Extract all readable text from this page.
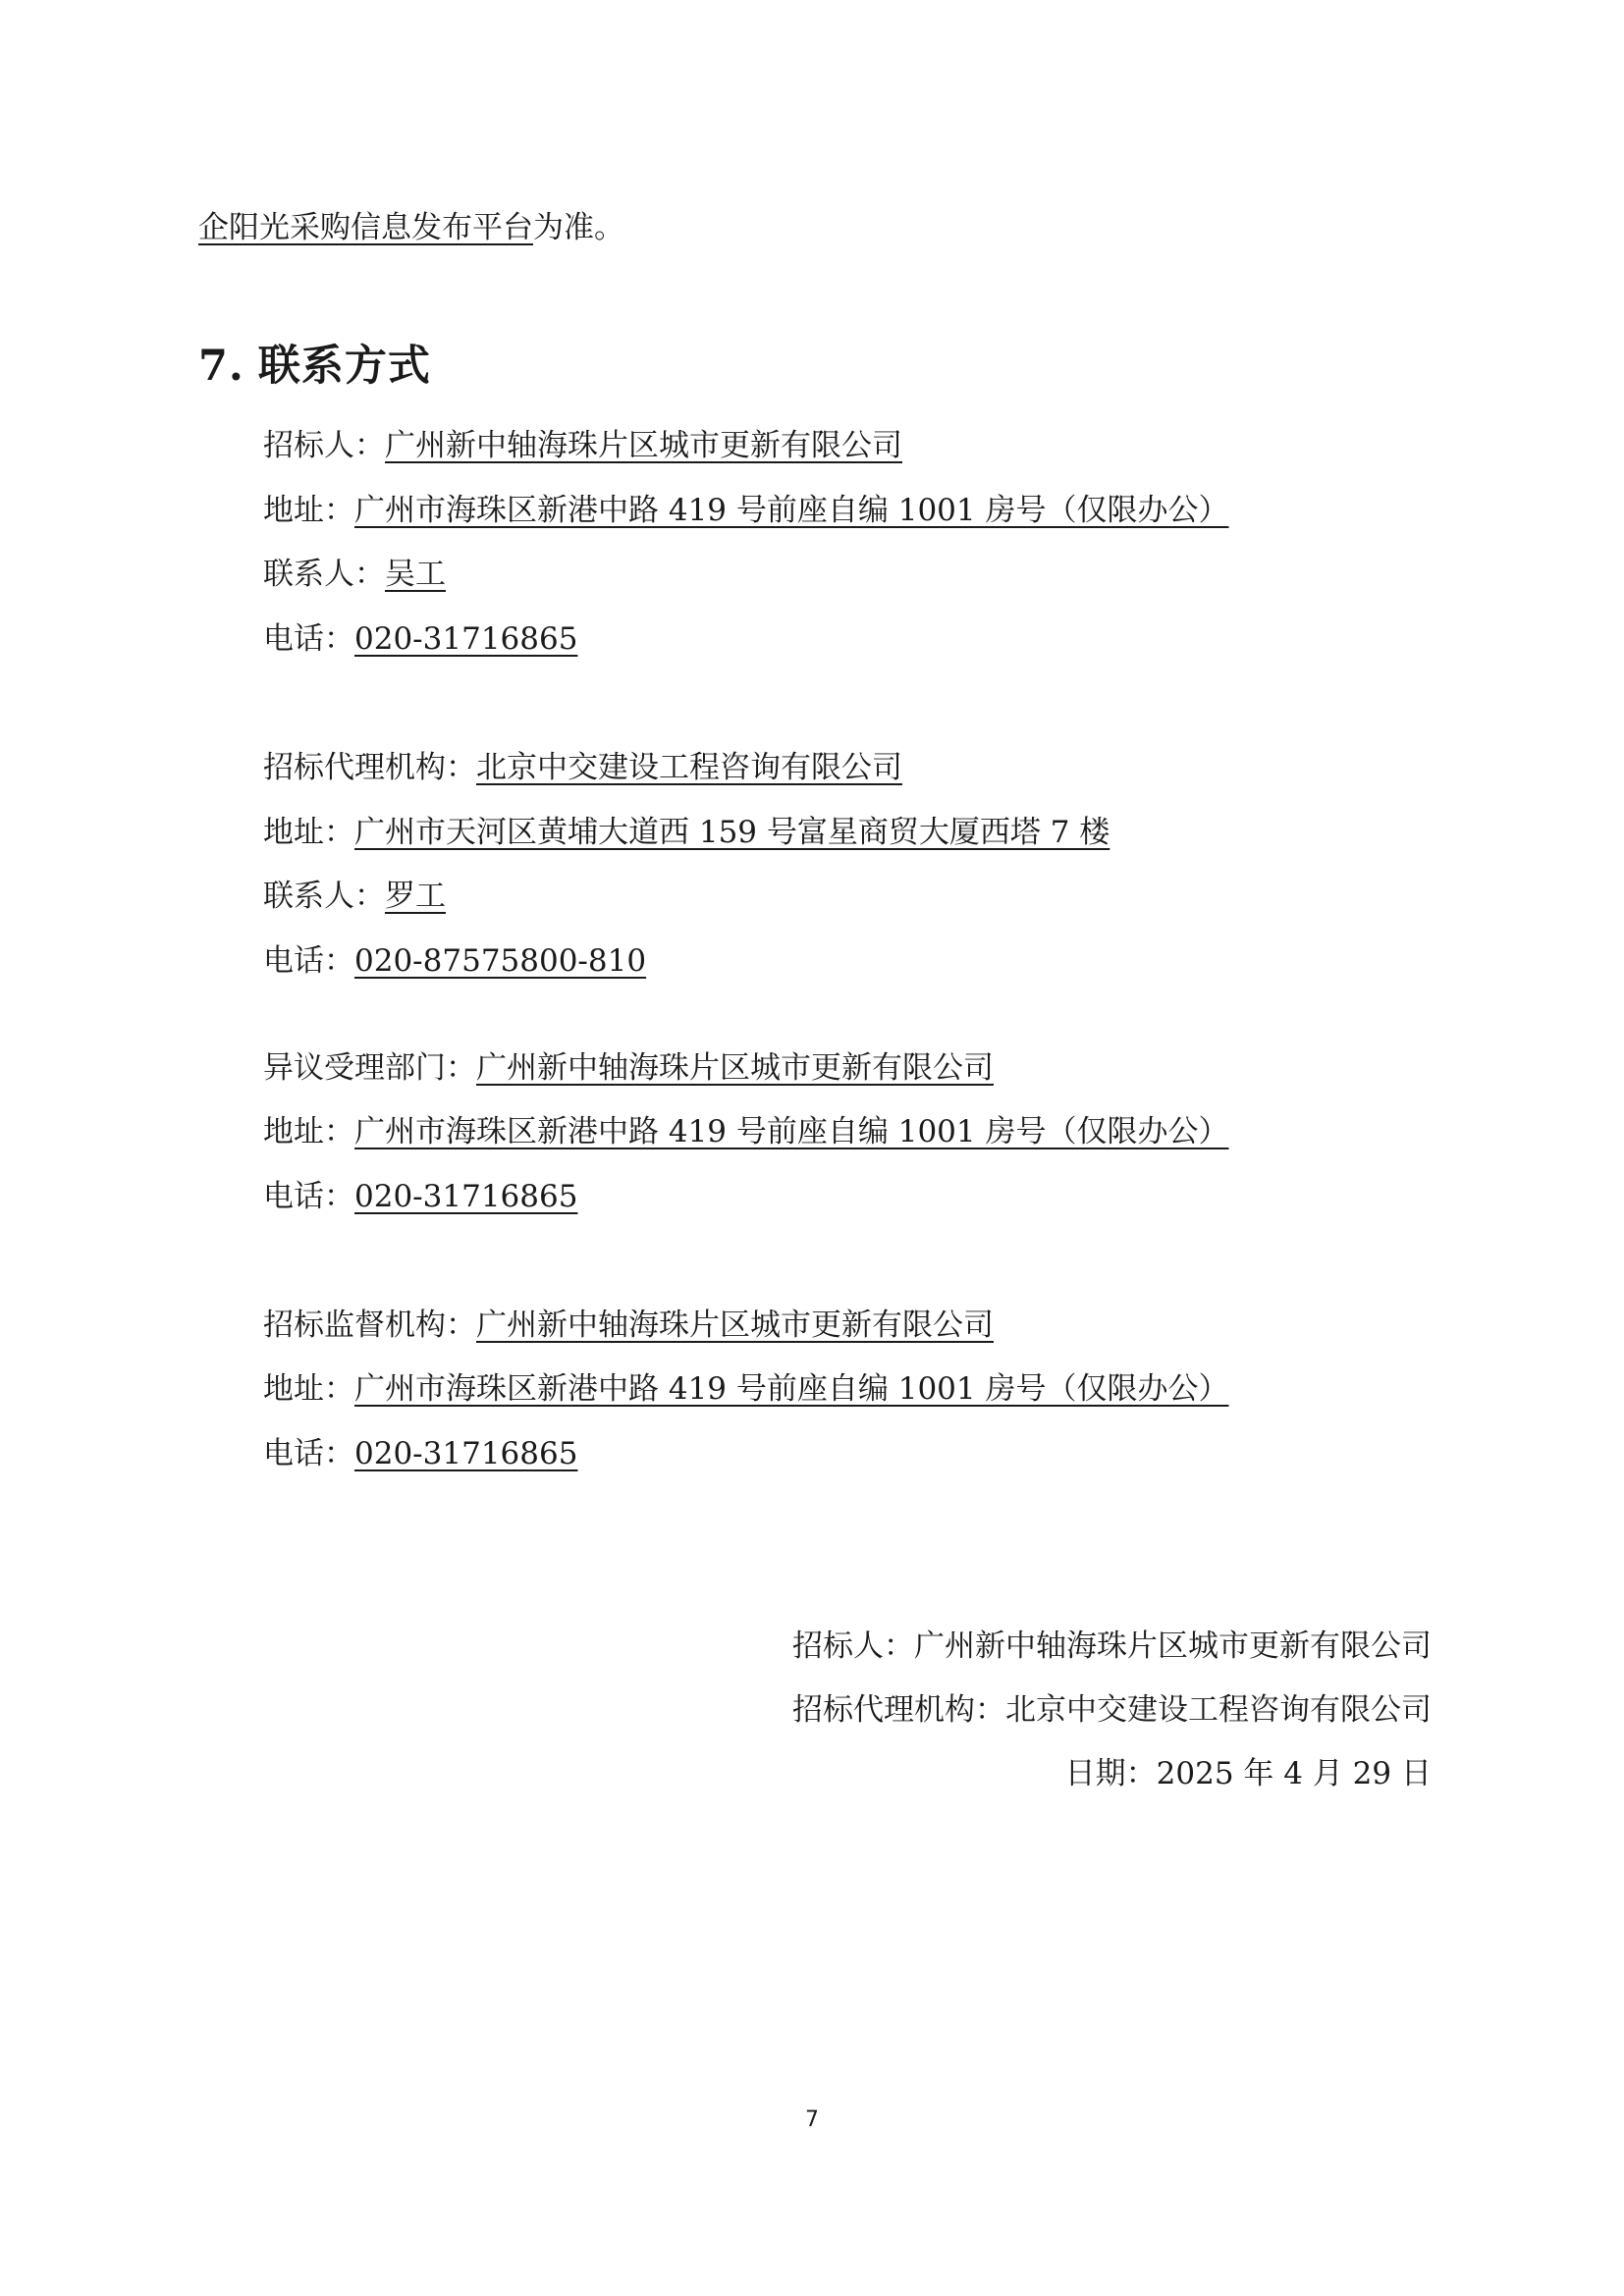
企阳光采购信息发布平台为准。
7. 联系方式
招标人：广州新中轴海珠片区城市更新有限公司
地址：广州市海珠区新港中路 419 号前座自编 1001 房号（仅限办公）
联系人：吴工
电话：020-31716865
招标代理机构：北京中交建设工程咨询有限公司
地址：广州市天河区黄埔大道西 159 号富星商贸大厦西塔 7 楼
联系人：罗工
电话：020-87575800-810
异议受理部门：广州新中轴海珠片区城市更新有限公司
地址：广州市海珠区新港中路 419 号前座自编 1001 房号（仅限办公）
电话：020-31716865
招标监督机构：广州新中轴海珠片区城市更新有限公司
地址：广州市海珠区新港中路 419 号前座自编 1001 房号（仅限办公）
电话：020-31716865
招标人：广州新中轴海珠片区城市更新有限公司
招标代理机构：北京中交建设工程咨询有限公司
日期：2025 年 4 月 29 日
7
